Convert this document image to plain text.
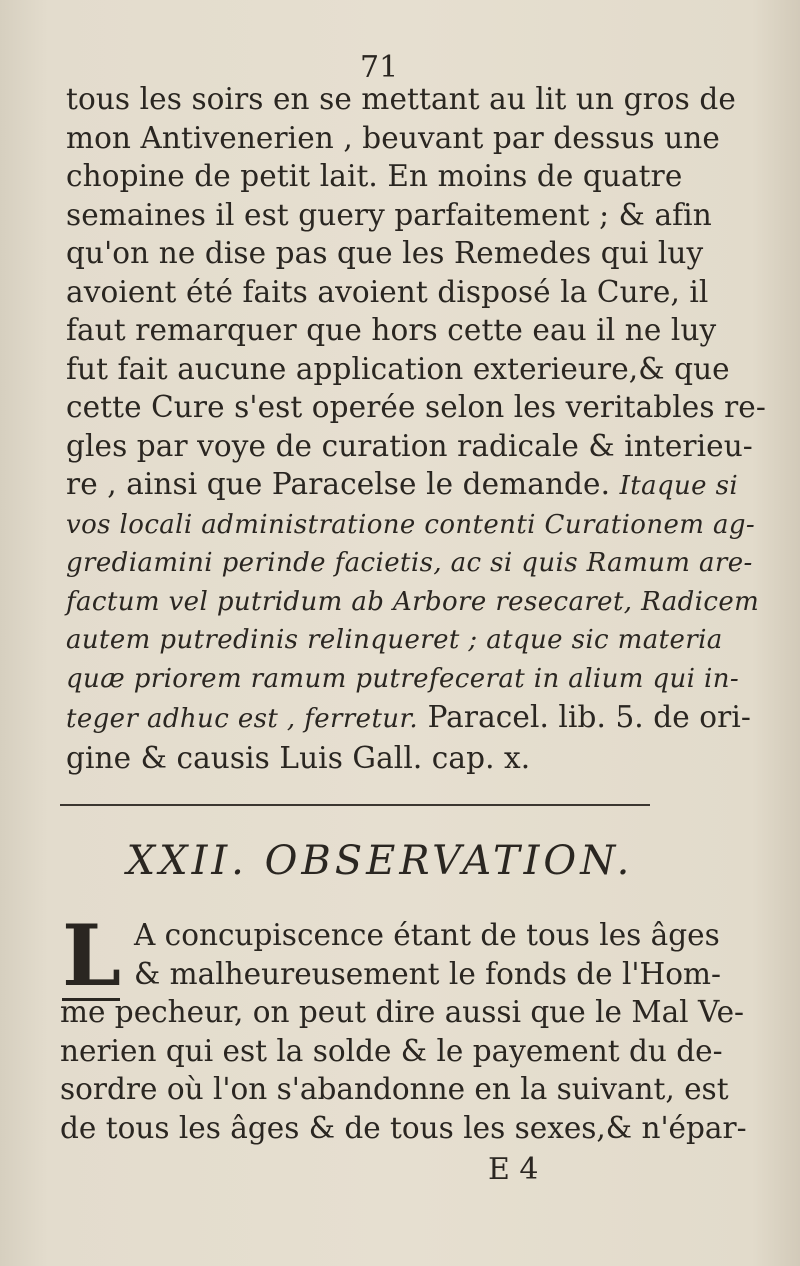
71
tous les soirs en se mettant au lit un gros de
mon Antivenerien , beuvant par dessus une
chopine de petit lait. En moins de quatre
semaines il est guery parfaitement ; & afin
qu'on ne dise pas que les Remedes qui luy
avoient été faits avoient disposé la Cure, il
faut remarquer que hors cette eau il ne luy
fut fait aucune application exterieure,& que
cette Cure s'est operée selon les veritables re-
gles par voye de curation radicale & interieu-
re , ainsi que Paracelse le demande. Itaque si
vos locali administratione contenti Curationem ag-
grediamini perinde facietis, ac si quis Ramum are-
factum vel putridum ab Arbore resecaret, Radicem
autem putredinis relinqueret ; atque sic materia
quæ priorem ramum putrefecerat in alium qui in-
teger adhuc est , ferretur. Paracel. lib. 5. de ori-
gine & causis Luis Gall. cap. x.
XXII. OBSERVATION.
L A concupiscence étant de tous les âges
& malheureusement le fonds de l'Hom-
me pecheur, on peut dire aussi que le Mal Ve-
nerien qui est la solde & le payement du de-
sordre où l'on s'abandonne en la suivant, est
de tous les âges & de tous les sexes,& n'épar-
E 4
